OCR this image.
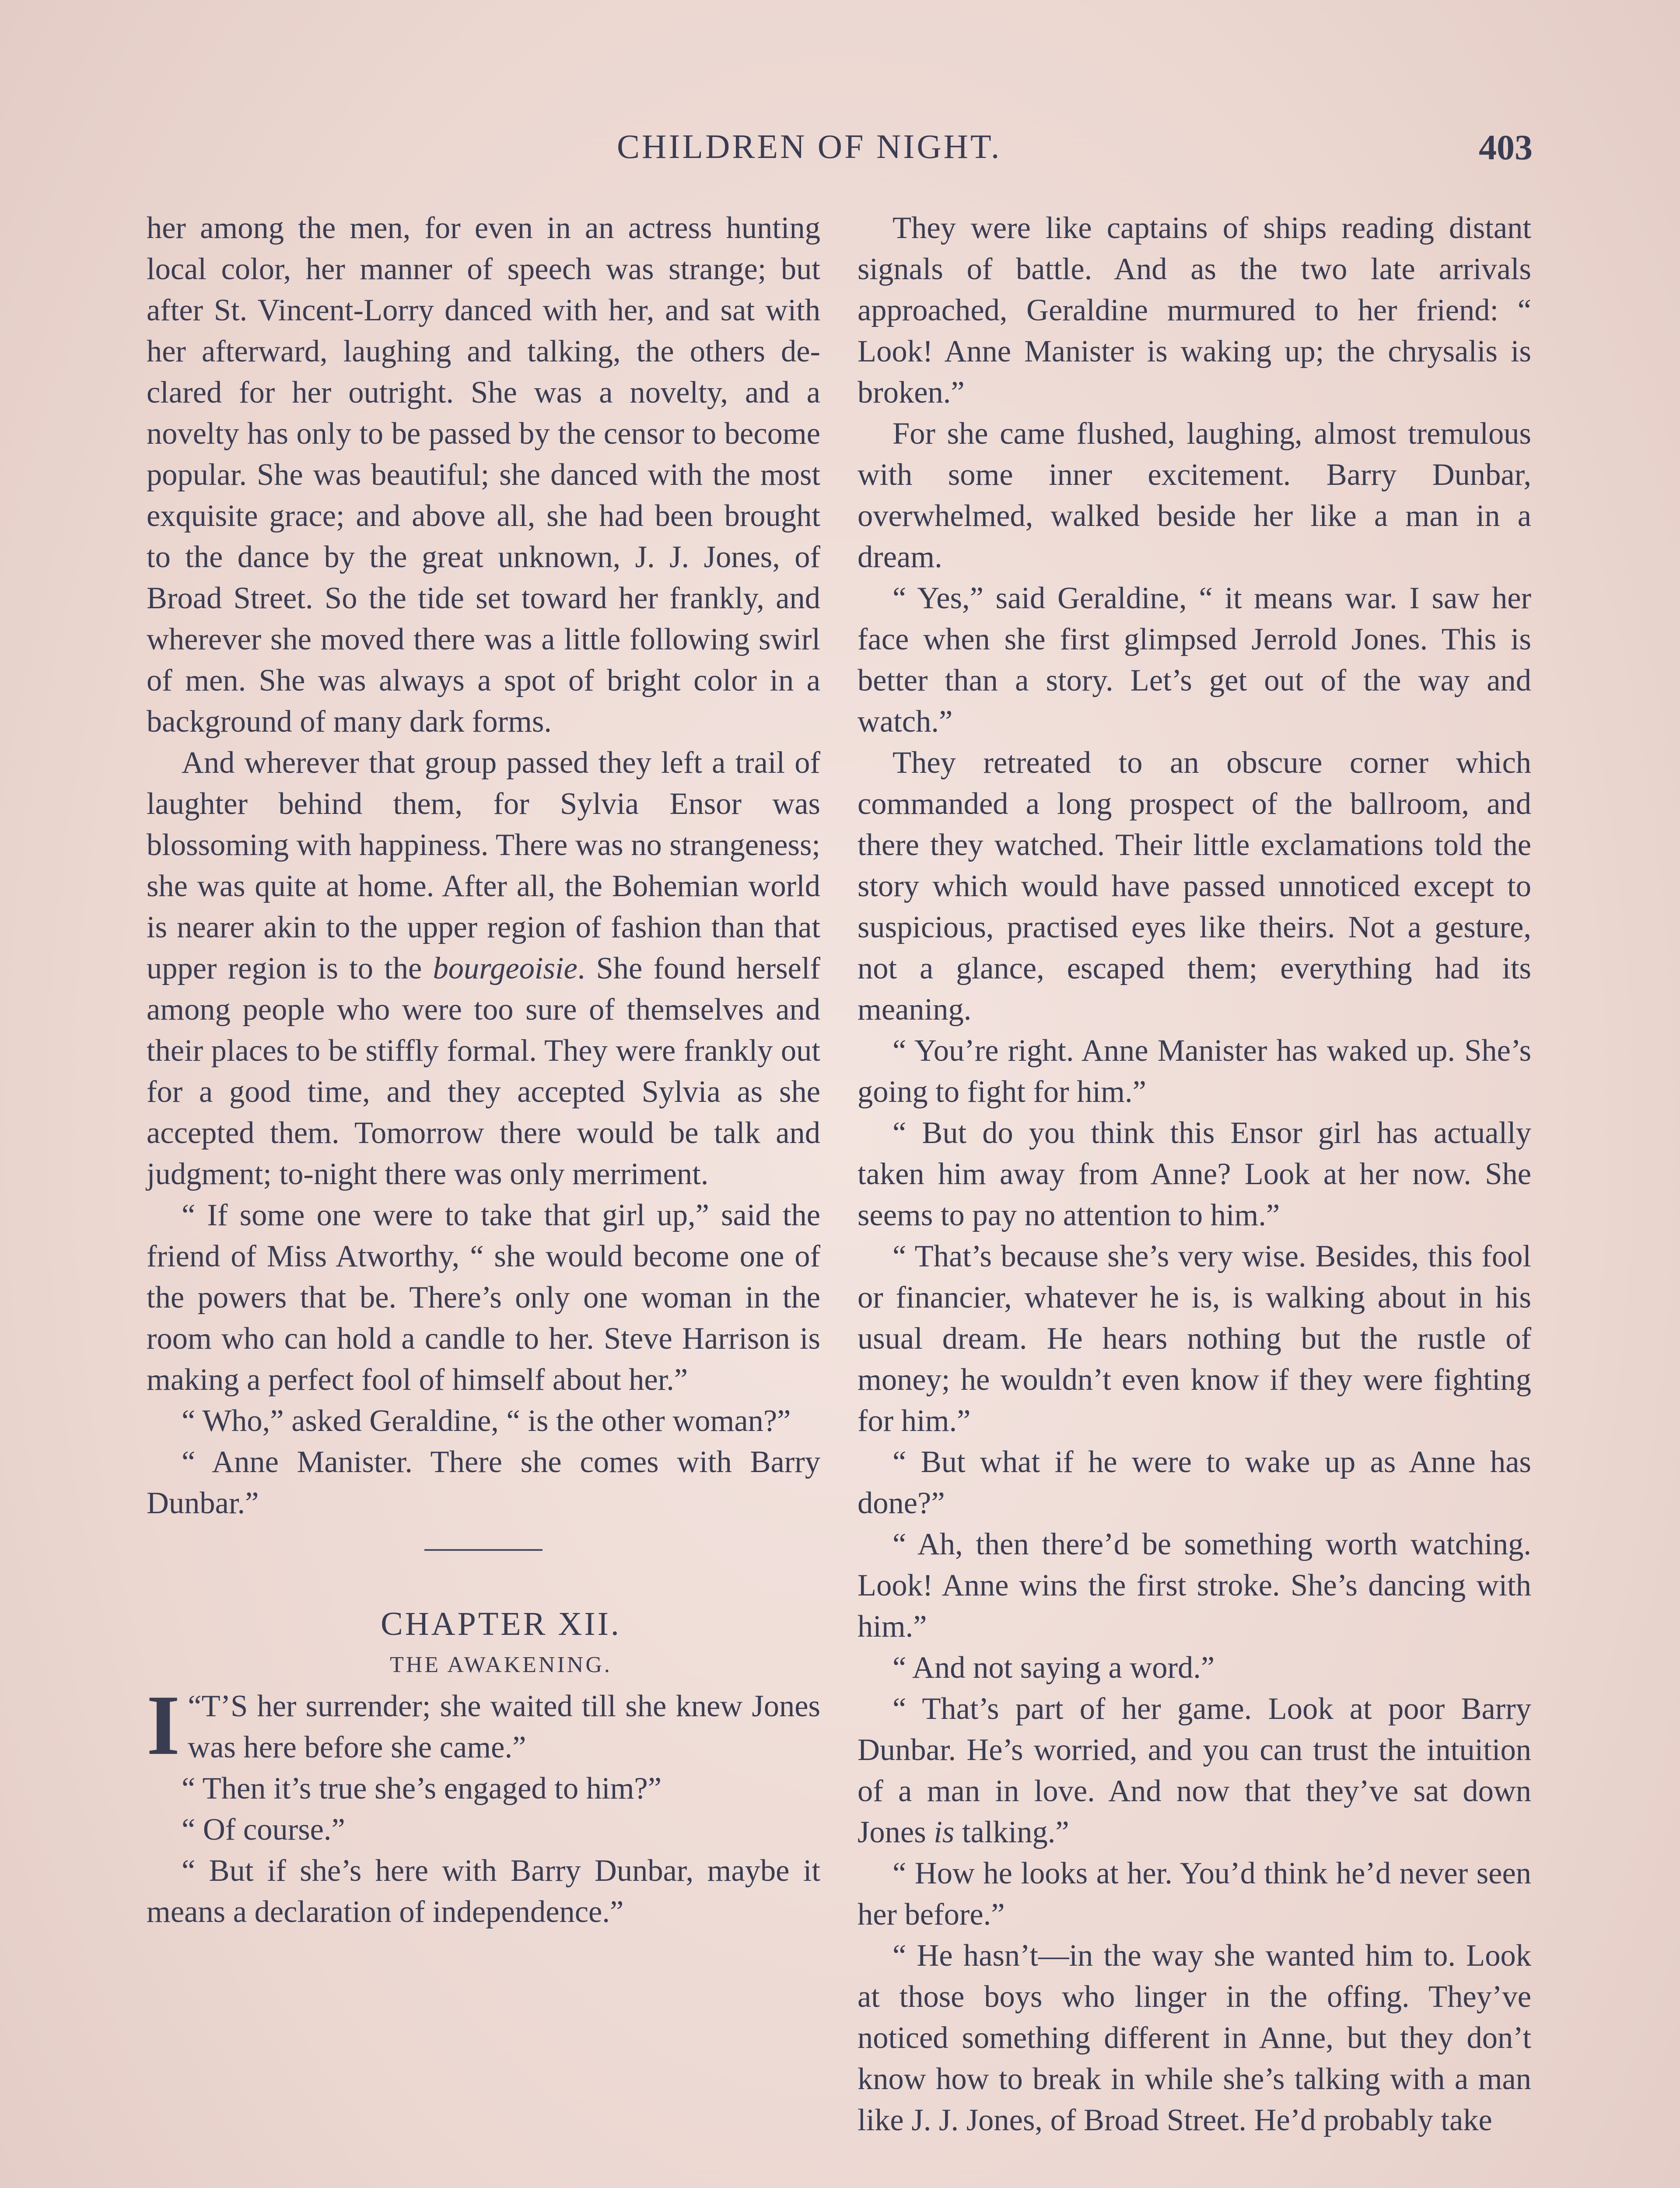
CHILDREN OF NIGHT.	403

her among the men, for even in an actress hunting local color, her manner of speech was strange; but after St. Vincent-Lorry danced with her, and sat with her afterward, laughing and talking, the others declared for her outright. She was a novelty, and a novelty has only to be passed by the censor to become popular. She was beautiful; she danced with the most exquisite grace; and above all, she had been brought to the dance by the great unknown, J. J. Jones, of Broad Street. So the tide set toward her frankly, and wherever she moved there was a little following swirl of men. She was always a spot of bright color in a background of many dark forms.

And wherever that group passed they left a trail of laughter behind them, for Sylvia Ensor was blossoming with happiness. There was no strangeness; she was quite at home. After all, the Bohemian world is nearer akin to the upper region of fashion than that upper region is to the bourgeoisie. She found herself among people who were too sure of themselves and their places to be stiffly formal. They were frankly out for a good time, and they accepted Sylvia as she accepted them. Tomorrow there would be talk and judgment; to-night there was only merriment.

“ If some one were to take that girl up,” said the friend of Miss Atworthy, “ she would become one of the powers that be. There’s only one woman in the room who can hold a candle to her. Steve Harrison is making a perfect fool of himself about her.”

“ Who,” asked Geraldine, “ is the other woman?”

“ Anne Manister. There she comes with Barry Dunbar.”

CHAPTER XII.

THE AWAKENING.

“
I T’S her surrender; she waited till she knew Jones was here before she came.”

“ Then it’s true she’s engaged to him?”

“ Of course.”

“ But if she’s here with Barry Dunbar, maybe it means a declaration of independence.”

They were like captains of ships reading distant signals of battle. And as the two late arrivals approached, Geraldine murmured to her friend: “ Look! Anne Manister is waking up; the chrysalis is broken.”

For she came flushed, laughing, almost tremulous with some inner excitement. Barry Dunbar, overwhelmed, walked beside her like a man in a dream.

“ Yes,” said Geraldine, “ it means war. I saw her face when she first glimpsed Jerrold Jones. This is better than a story. Let’s get out of the way and watch.”

They retreated to an obscure corner which commanded a long prospect of the ballroom, and there they watched. Their little exclamations told the story which would have passed unnoticed except to suspicious, practised eyes like theirs. Not a gesture, not a glance, escaped them; everything had its meaning.

“ You’re right. Anne Manister has waked up. She’s going to fight for him.”

“ But do you think this Ensor girl has actually taken him away from Anne? Look at her now. She seems to pay no attention to him.”

“ That’s because she’s very wise. Besides, this fool or financier, whatever he is, is walking about in his usual dream. He hears nothing but the rustle of money; he wouldn’t even know if they were fighting for him.”

“ But what if he were to wake up as Anne has done?”

“ Ah, then there’d be something worth watching. Look! Anne wins the first stroke. She’s dancing with him.”

“ And not saying a word.”

“ That’s part of her game. Look at poor Barry Dunbar. He’s worried, and you can trust the intuition of a man in love. And now that they’ve sat down Jones is talking.”

“ How he looks at her. You’d think he’d never seen her before.”

“ He hasn’t—in the way she wanted him to. Look at those boys who linger in the offing. They’ve noticed something different in Anne, but they don’t know how to break in while she’s talking with a man like J. J. Jones, of Broad Street. He’d probably take
